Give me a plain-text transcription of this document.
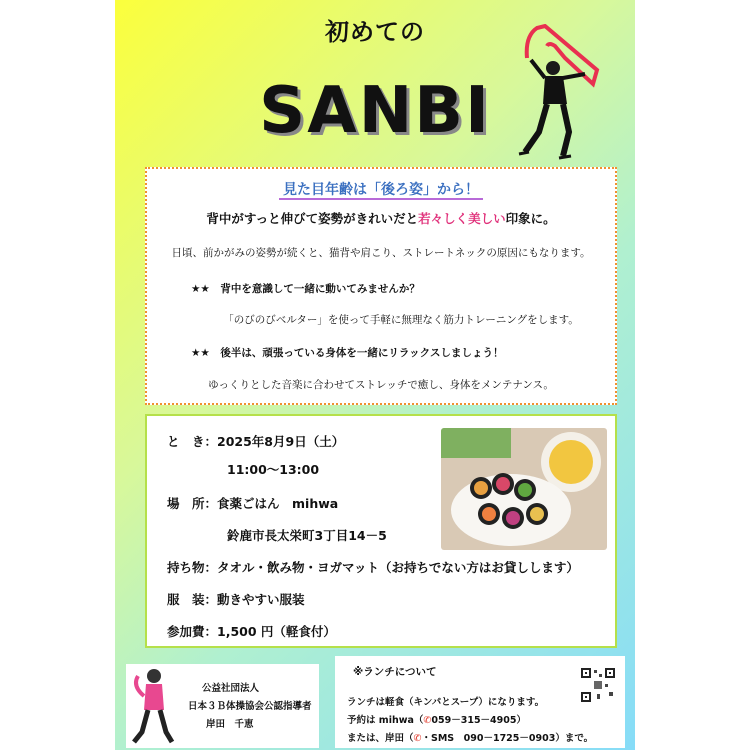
初めての
SANBI
見た目年齢は「後ろ姿」から！
背中がすっと伸びて姿勢がきれいだと若々しく美しい印象に。
日頃、前かがみの姿勢が続くと、猫背や肩こり、ストレートネックの原因にもなります。
★★　背中を意識して一緒に動いてみませんか？
「のびのびベルター」を使って手軽に無理なく筋力トレーニングをします。
★★　後半は、頑張っている身体を一緒にリラックスしましょう！
ゆっくりとした音楽に合わせてストレッチで癒し、身体をメンテナンス。
と　き：2025年8月9日（土）
11:00〜13:00
場　所：食薬ごはん　mihwa
鈴鹿市長太栄町3丁目14－5
持ち物：タオル・飲み物・ヨガマット（お持ちでない方はお貸しします）
服　装：動きやすい服装
参加費：1,500 円（軽食付）
公益社団法人
日本３Ｂ体操協会公認指導者
岸田　千恵
※ランチについて
ランチは軽食（キンパとスープ）になります。
予約は mihwa（✆059－315－4905）
または、岸田（✆・SMS　090－1725－0903）まで。
